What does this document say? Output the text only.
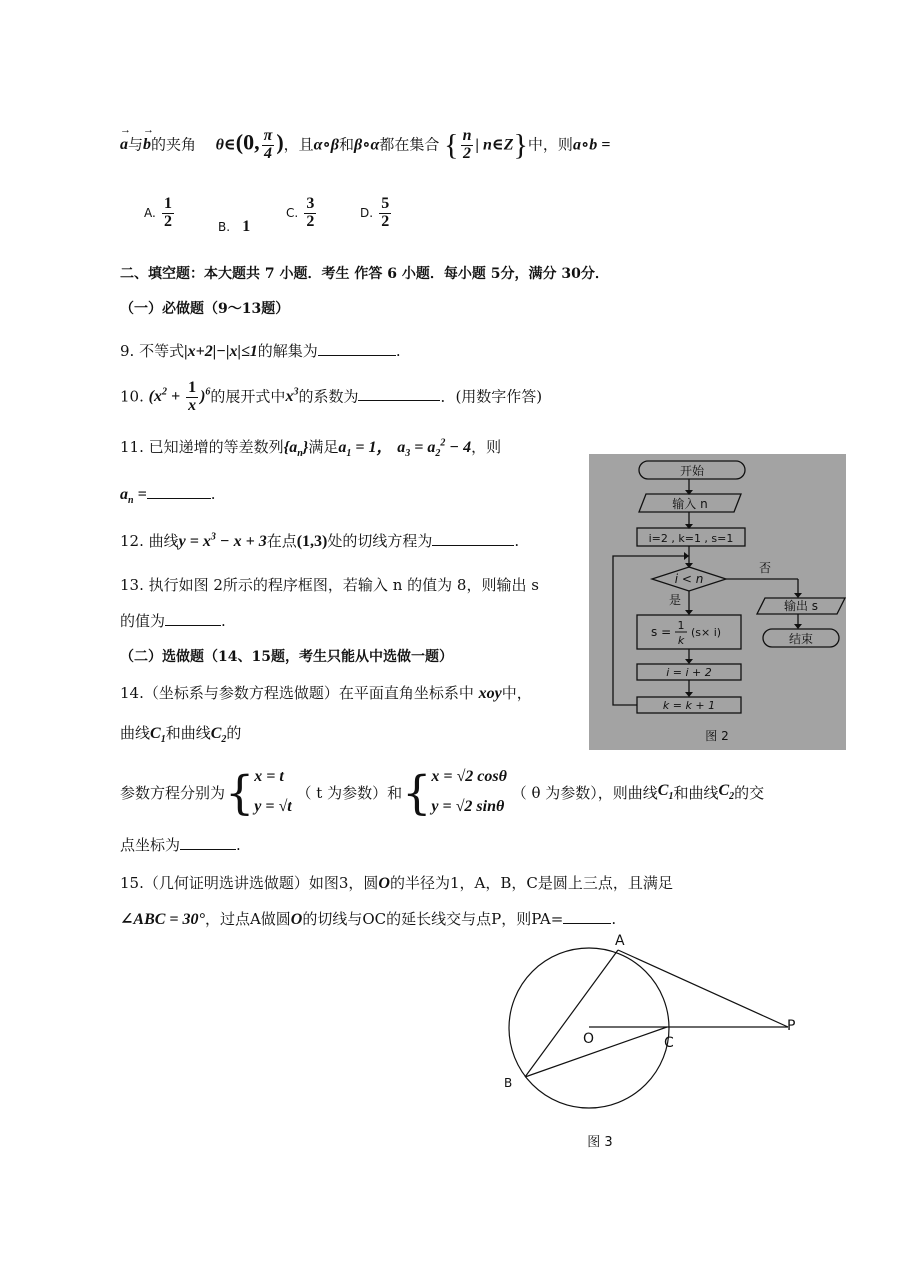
a
→
与b
→
的夹角 θ∈(0, $\frac{\pi}{4}$ )，且α∘β和β∘α都在集合 { $\frac{n}{2}$ | n∈Z}中，则a∘b =
A. $\frac{1}{2}$	B. 1
C. $\frac{3}{2}$	D. $\frac{5}{2}$
二、填空题：本大题共 7 小题．考生 作答 6 小题．每小题 5分，满分 30分．
（一）必做题（9～13题）
9. 不等式|x+2|−|x|≤1的解集为	.
10. $(x^2 + \frac{1}{x} )^6$的展开式中$x^3$的系数为	．(用数字作答)
11. 已知递增的等差数列$\{a_n\}$满足$a_1 = 1$， $a_3 = a_2^2 - 4$，则
$a_n$ =	.
12. 曲线$y = x^3 - x + 3$在点(1,3)处的切线方程为	.
13. 执行如图 2所示的程序框图，若输入 n 的值为 8，则输出 s
的值为	.
（二）选做题（14、15题，考生只能从中选做一题）
14.（坐标系与参数方程选做题）在平面直角坐标系中 xoy中，
曲线$C_1$和曲线$C_2$的
参数方程分别为{x = t
y = √t （ t 为参数）和{x = √2 cosθ
y = √2 sinθ （ θ 为参数），则曲线$C_1$和曲线$C_2$的交
点坐标为	.
15.（几何证明选讲选做题）如图3，圆O的半径为1，A，B，C是圆上三点，且满足
∠ABC = 30°，过点A做圆O的切线与OC的延长线交与点P，则PA=	.
开始
输入 n
i=2 , k=1 , s=1
i < n
否
是
s = 1
k
(s× i)
i = i + 2
k = k + 1
输出 s
结束
图 2
A
B
C
O
P
图 3
